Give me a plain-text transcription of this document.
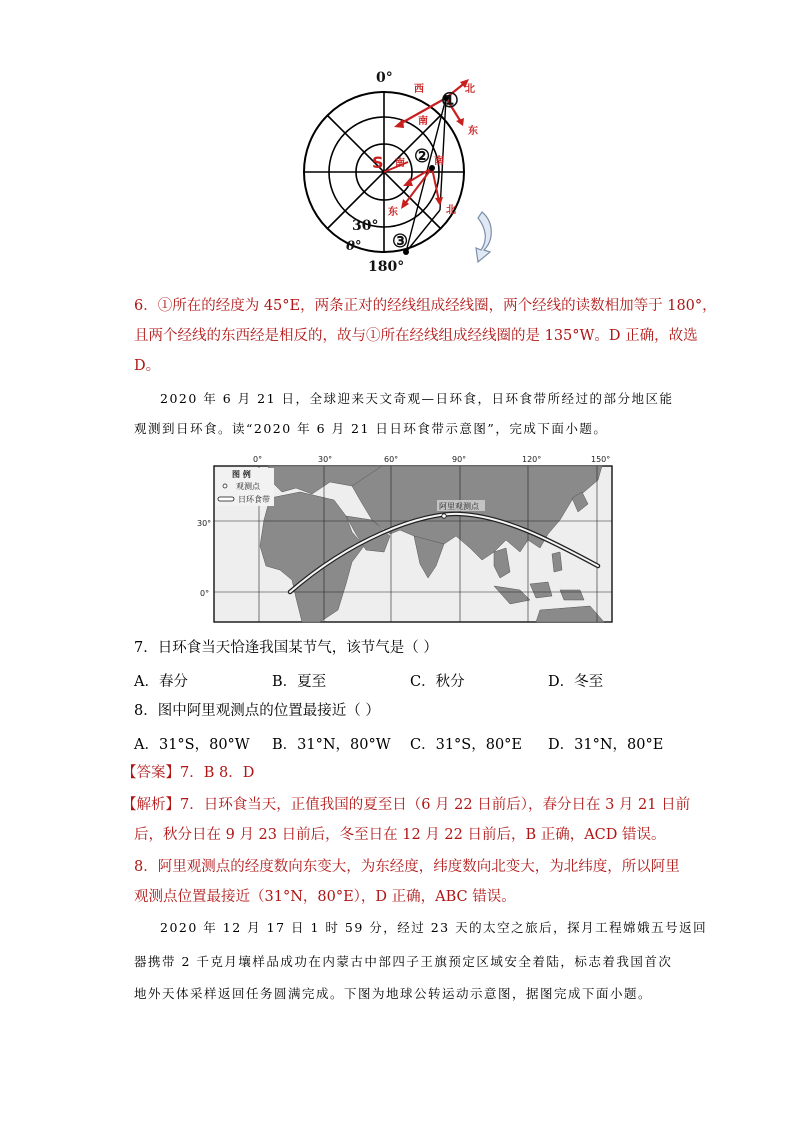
0°
180°
30°
0°
S
①
②
③
西	北
南
东
南	南
东	北
6．①所在的经度为 45°E，两条正对的经线组成经线圈，两个经线的读数相加等于 180°，
且两个经线的东西经是相反的，故与①所在经线组成经线圈的是 135°W。D 正确，故选
D。
2020 年 6 月 21 日，全球迎来天文奇观—日环食，日环食带所经过的部分地区能
观测到日环食。读“2020 年 6 月 21 日日环食带示意图”，完成下面小题。
0°	30°	60°	90°	120°	150°
30°
0°
阿里观测点
图 例
观测点
日环食带
7．日环食当天恰逢我国某节气，该节气是（ ）
A．春分	B．夏至	C．秋分	D．冬至
8．图中阿里观测点的位置最接近（ ）
A．31°S，80°W B．31°N，80°W C．31°S，80°E D．31°N，80°E
【答案】7．B 8．D
【解析】7．日环食当天，正值我国的夏至日（6 月 22 日前后），春分日在 3 月 21 日前
后，秋分日在 9 月 23 日前后，冬至日在 12 月 22 日前后，B 正确，ACD 错误。
8．阿里观测点的经度数向东变大，为东经度，纬度数向北变大，为北纬度，所以阿里
观测点位置最接近（31°N，80°E），D 正确，ABC 错误。
2020 年 12 月 17 日 1 时 59 分，经过 23 天的太空之旅后，探月工程嫦娥五号返回
器携带 2 千克月壤样品成功在内蒙古中部四子王旗预定区域安全着陆，标志着我国首次
地外天体采样返回任务圆满完成。下图为地球公转运动示意图，据图完成下面小题。
